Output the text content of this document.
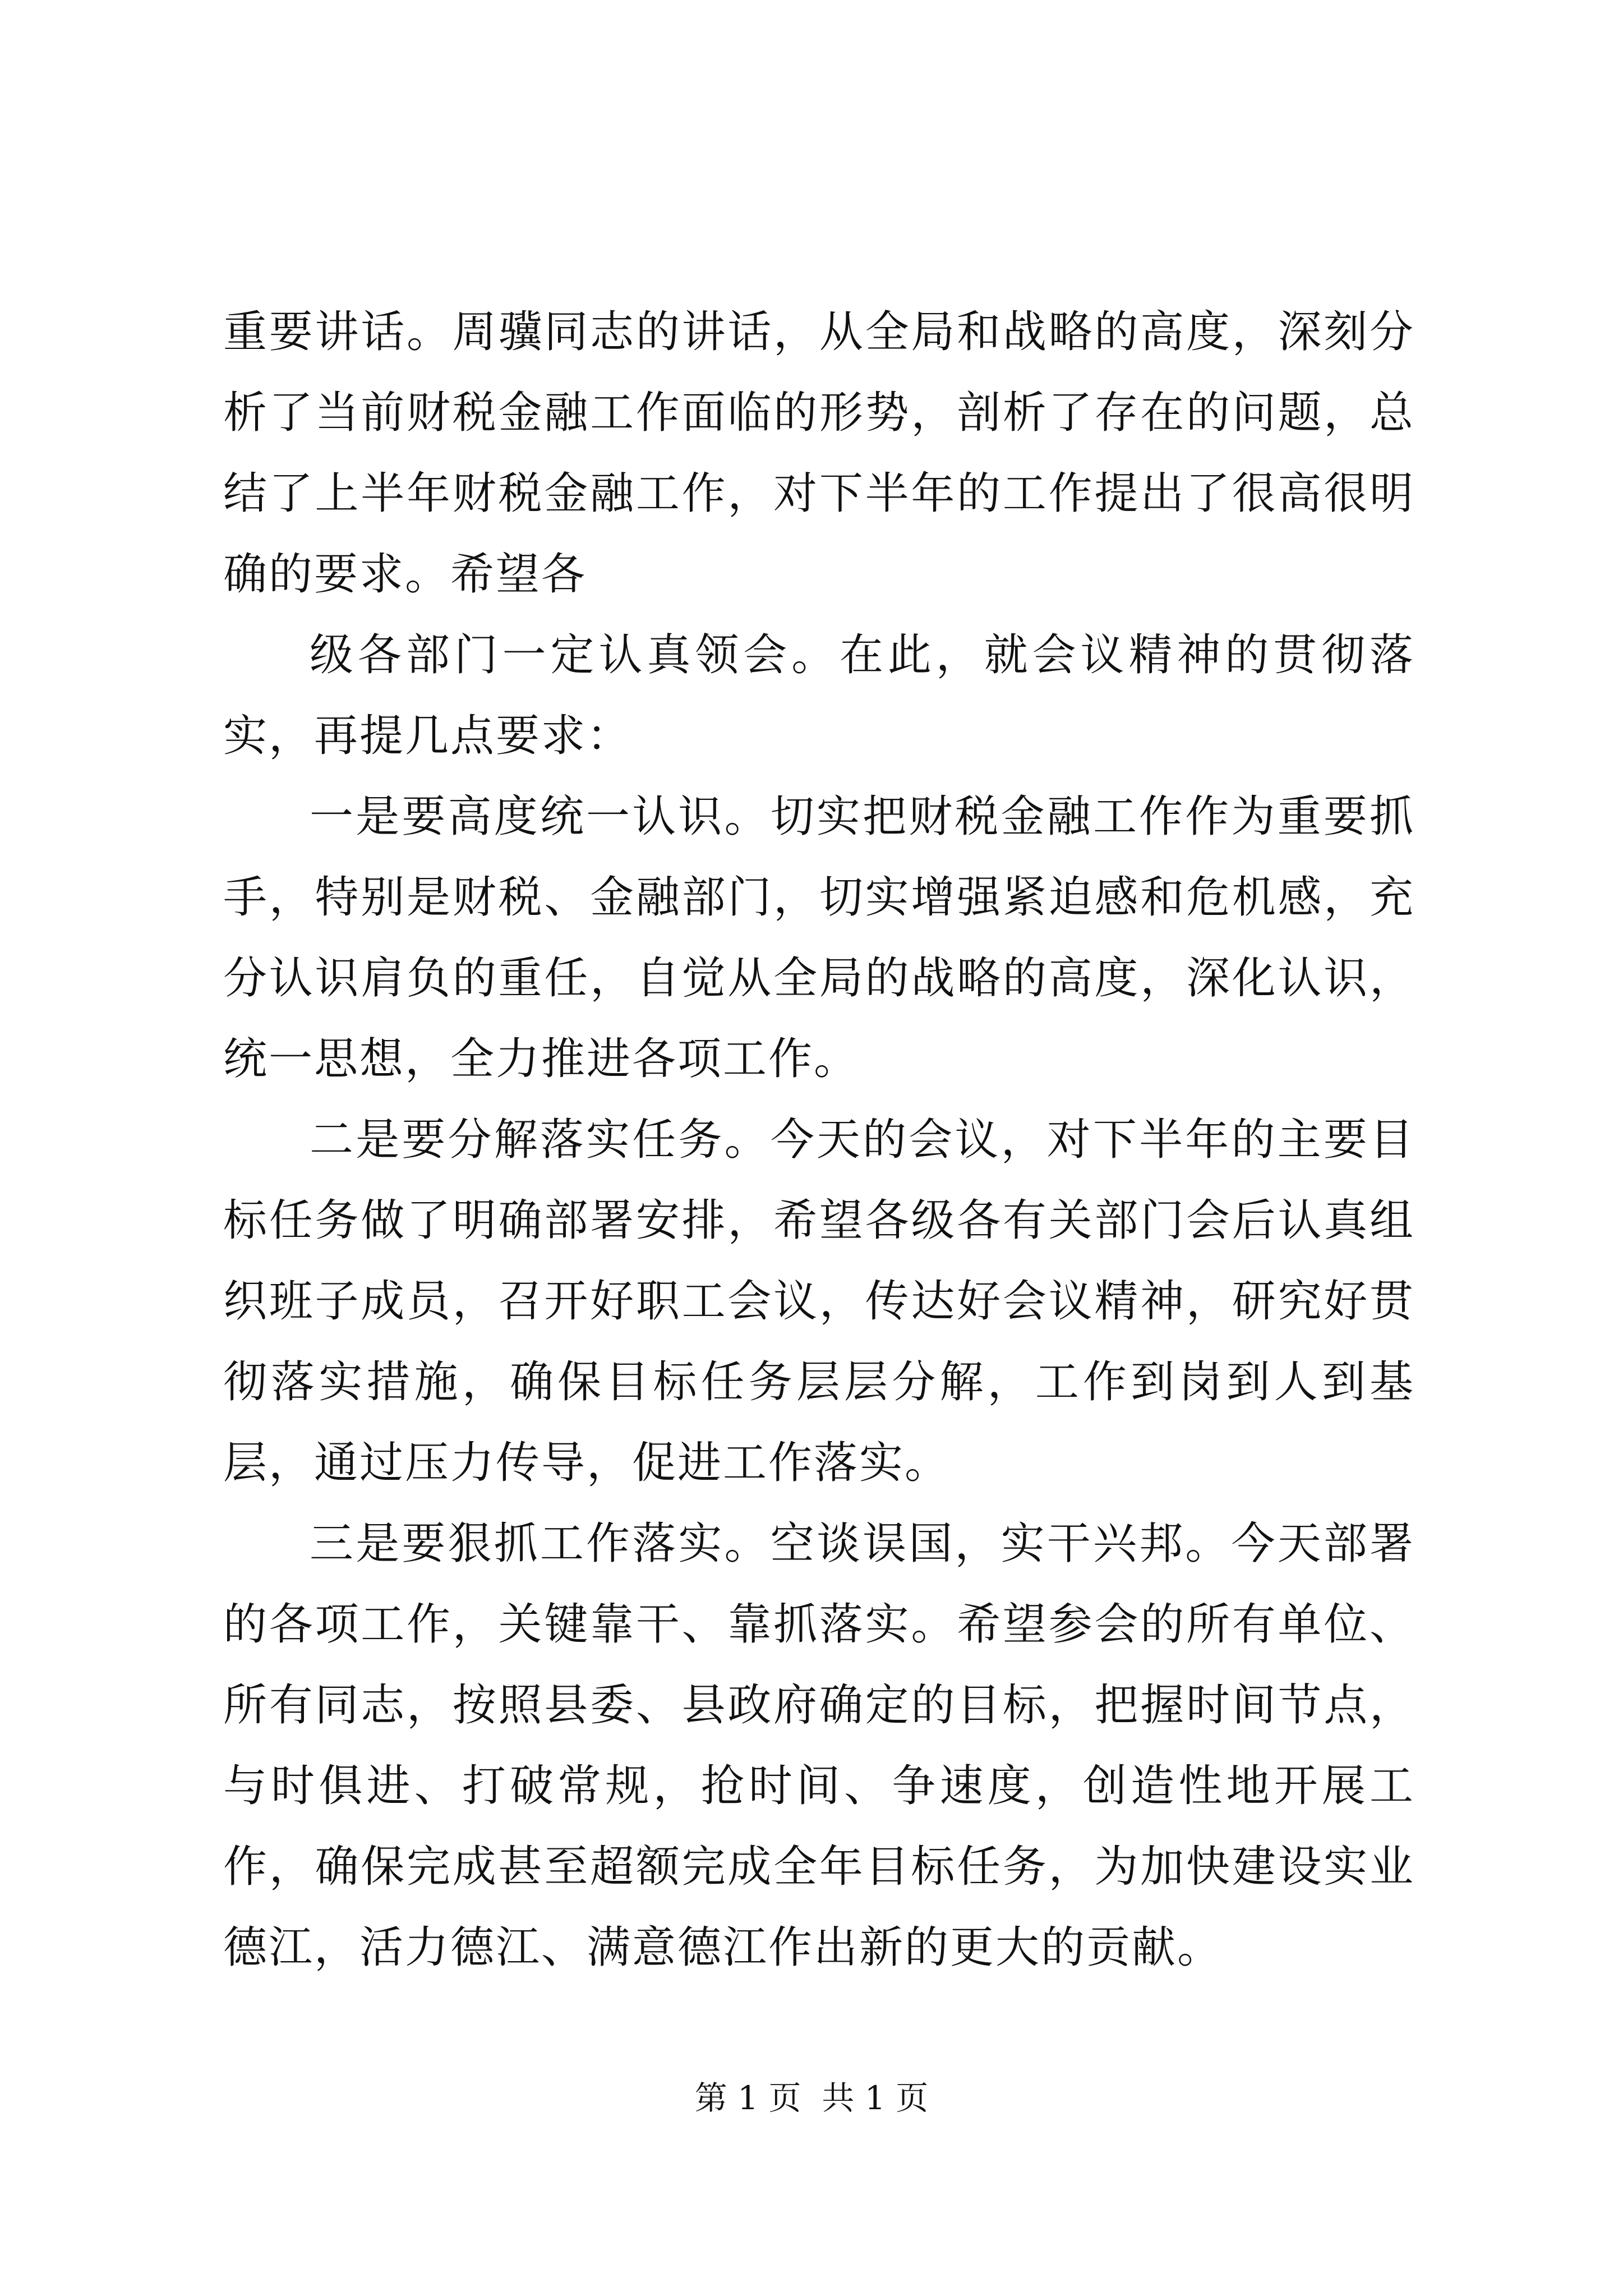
重要讲话。周骥同志的讲话，从全局和战略的高度，深刻分析了当前财税金融工作面临的形势，剖析了存在的问题，总结了上半年财税金融工作，对下半年的工作提出了很高很明确的要求。希望各

级各部门一定认真领会。在此，就会议精神的贯彻落实，再提几点要求：

一是要高度统一认识。切实把财税金融工作作为重要抓手，特别是财税、金融部门，切实增强紧迫感和危机感，充分认识肩负的重任，自觉从全局的战略的高度，深化认识，统一思想，全力推进各项工作。

二是要分解落实任务。今天的会议，对下半年的主要目标任务做了明确部署安排，希望各级各有关部门会后认真组织班子成员，召开好职工会议，传达好会议精神，研究好贯彻落实措施，确保目标任务层层分解，工作到岗到人到基层，通过压力传导，促进工作落实。

三是要狠抓工作落实。空谈误国，实干兴邦。今天部署的各项工作，关键靠干、靠抓落实。希望参会的所有单位、所有同志，按照县委、县政府确定的目标，把握时间节点，与时俱进、打破常规，抢时间、争速度，创造性地开展工作，确保完成甚至超额完成全年目标任务，为加快建设实业德江，活力德江、满意德江作出新的更大的贡献。

第 1 页  共 1 页
